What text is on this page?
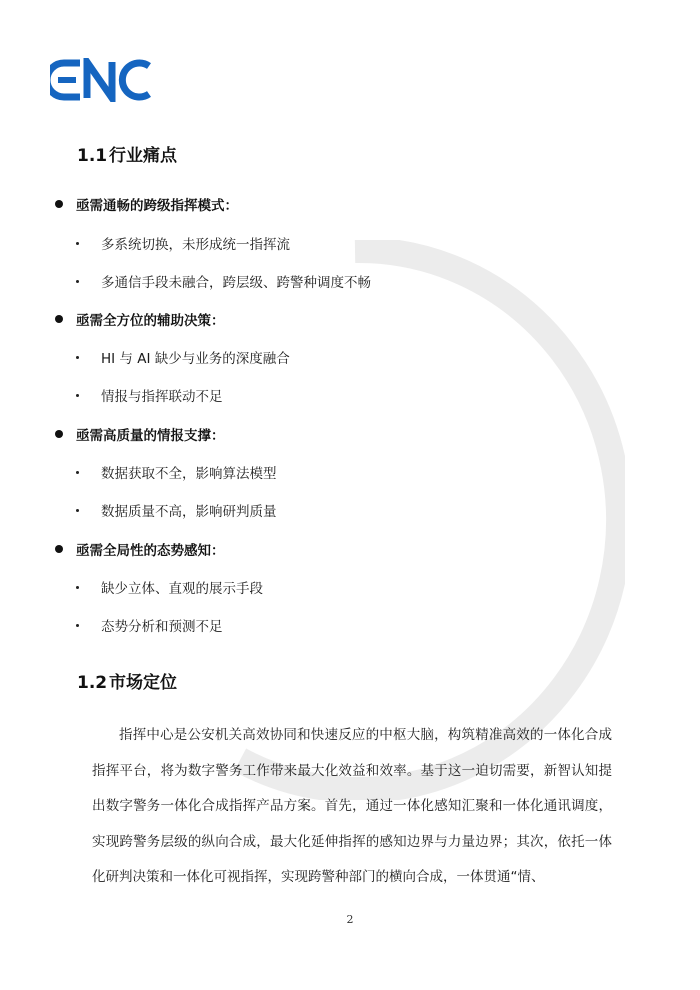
1.1 行业痛点
亟需通畅的跨级指挥模式：
多系统切换，未形成统一指挥流
多通信手段未融合，跨层级、跨警种调度不畅
亟需全方位的辅助决策：
HI 与 AI 缺少与业务的深度融合
情报与指挥联动不足
亟需高质量的情报支撑：
数据获取不全，影响算法模型
数据质量不高，影响研判质量
亟需全局性的态势感知：
缺少立体、直观的展示手段
态势分析和预测不足
1.2 市场定位

指挥中心是公安机关高效协同和快速反应的中枢大脑，构筑精准高效的一体化合成指挥平台，将为数字警务工作带来最大化效益和效率。基于这一迫切需要，新智认知提出数字警务一体化合成指挥产品方案。首先，通过一体化感知汇聚和一体化通讯调度，实现跨警务层级的纵向合成，最大化延伸指挥的感知边界与力量边界；其次，依托一体化研判决策和一体化可视指挥，实现跨警种部门的横向合成，一体贯通“情、

2
